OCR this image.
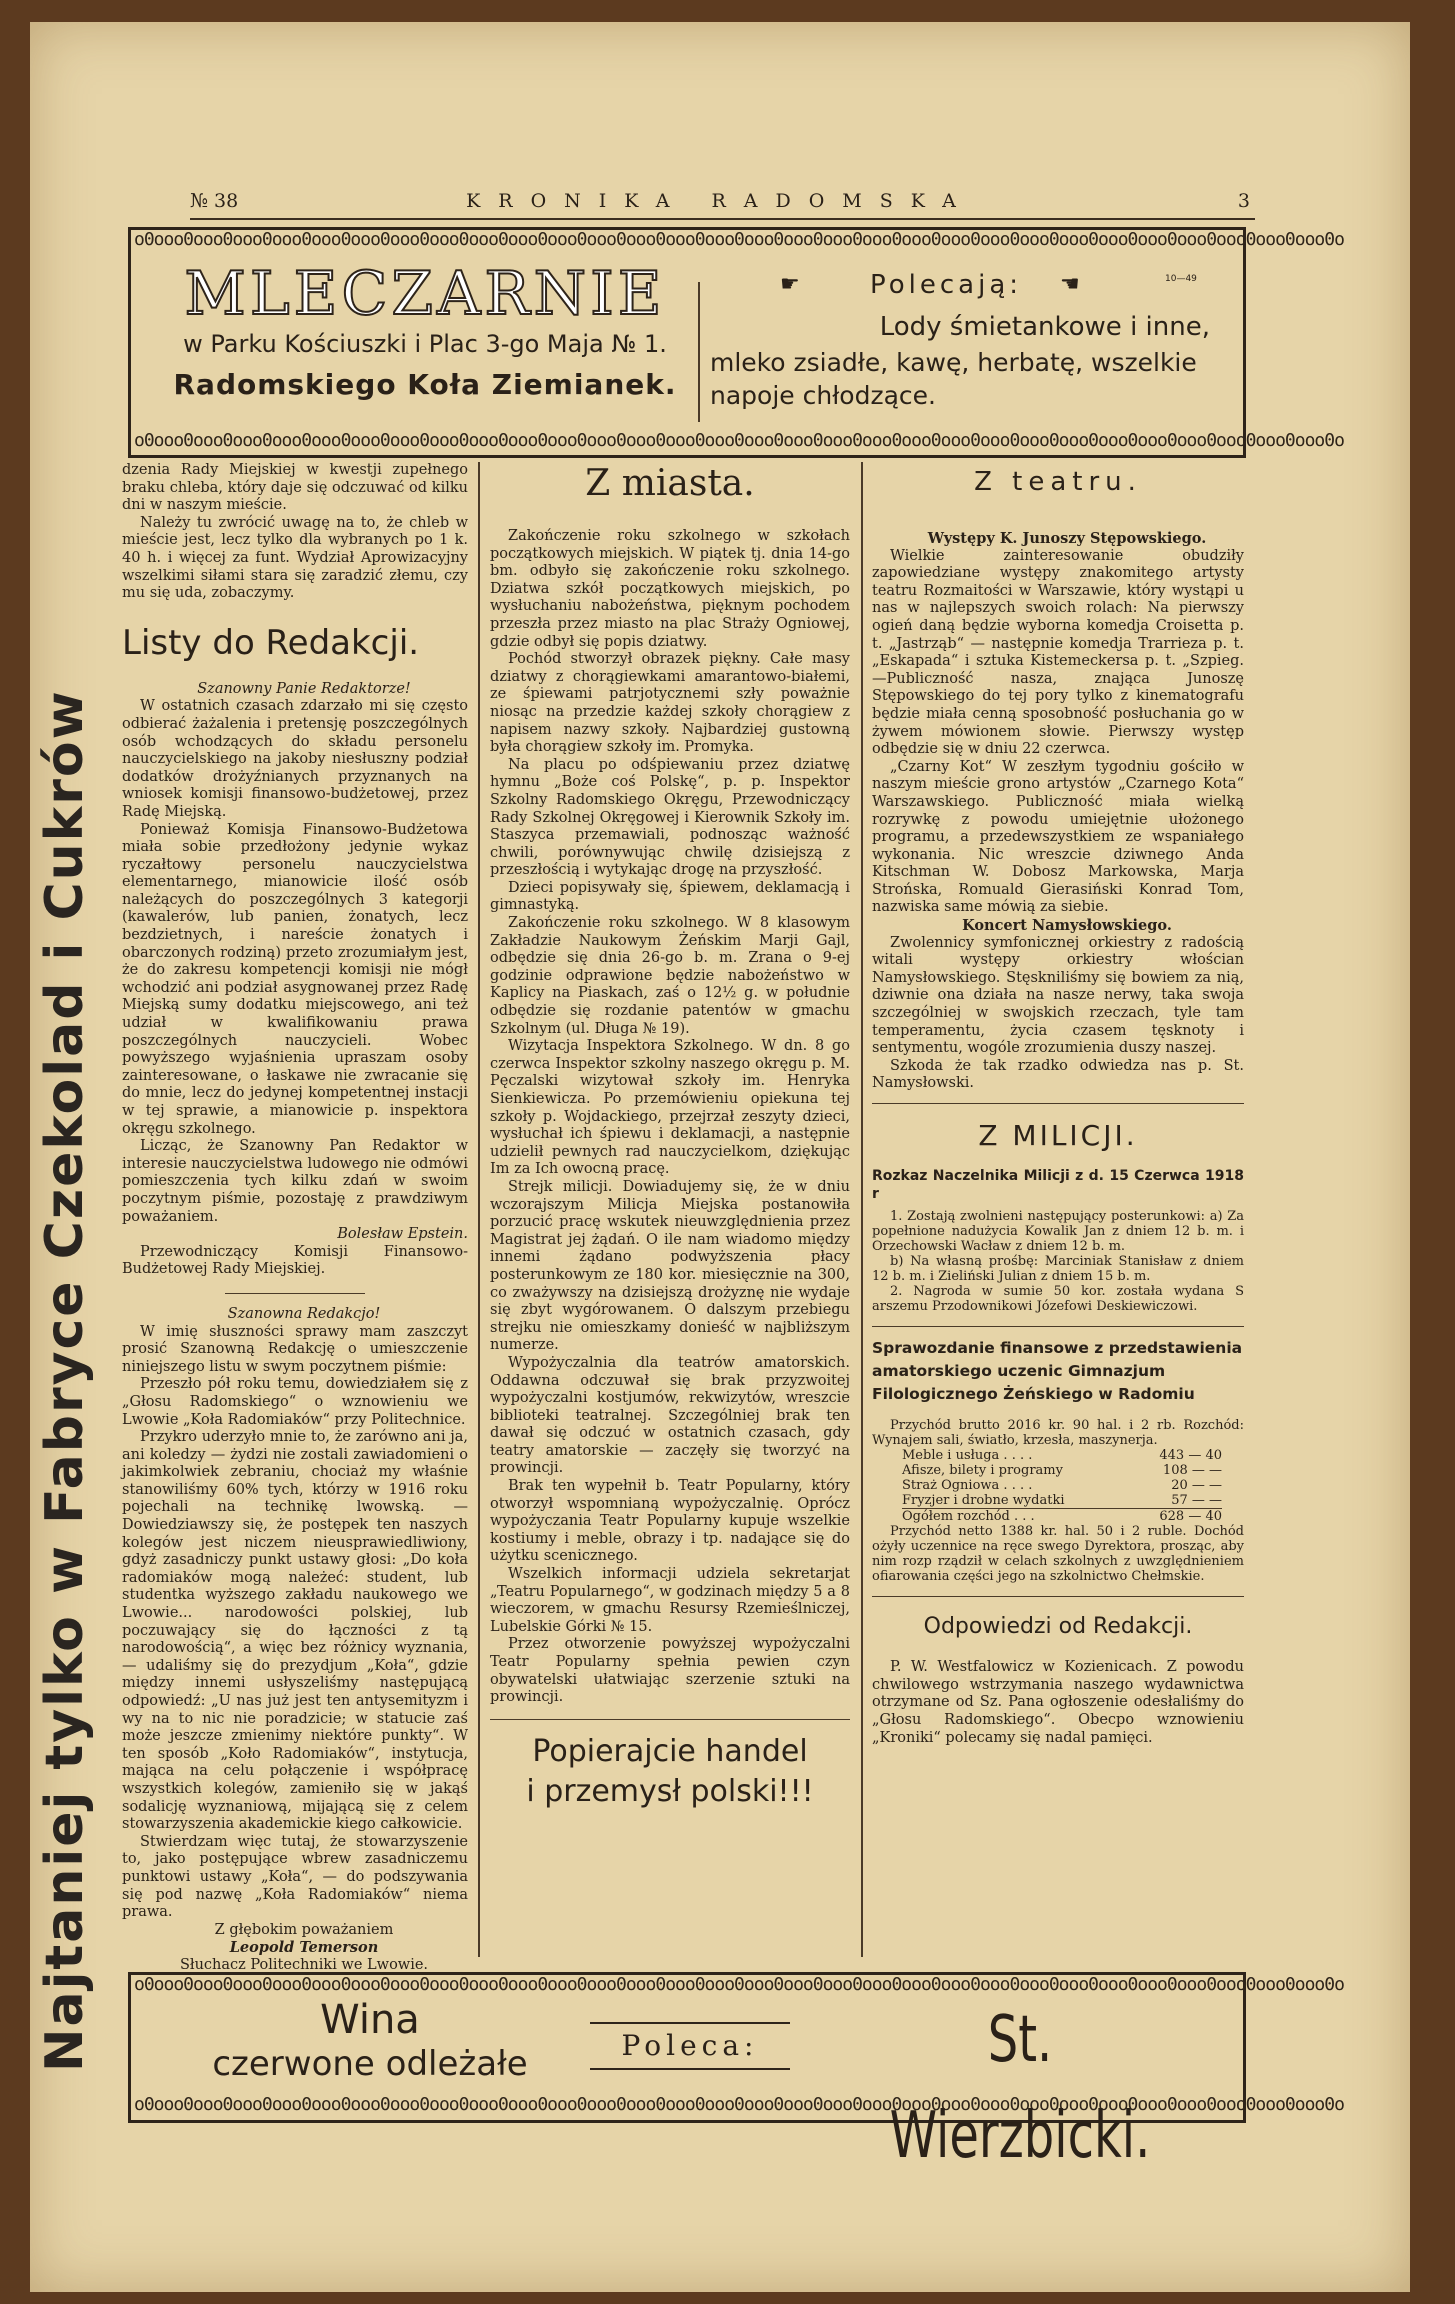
Najtaniej tylko w Fabryce Czekolad i Cukrów
№ 38	KRONIKA RADOMSKA	3
o0ooo0ooo0ooo0ooo0ooo0ooo0ooo0ooo0ooo0ooo0ooo0ooo0ooo0ooo0ooo0ooo0ooo0ooo0ooo0ooo0ooo0ooo0ooo0ooo0ooo0ooo0ooo0ooo0ooo0ooo0o
o0ooo0ooo0ooo0ooo0ooo0ooo0ooo0ooo0ooo0ooo0ooo0ooo0ooo0ooo0ooo0ooo0ooo0ooo0ooo0ooo0ooo0ooo0ooo0ooo0ooo0ooo0ooo0ooo0ooo0ooo0o
MLECZARNIE
w Parku Kościuszki i Plac 3-go Maja № 1.
Radomskiego Koła Ziemianek.
☛	Polecają: ☚	10—49
Lody śmietankowe i inne,
mleko zsiadłe, kawę, herbatę, wszelkie
napoje chłodzące.

dzenia Rady Miejskiej w kwestji zupełnego braku chleba, który daje się odczuwać od kilku dni w naszym mieście.

Należy tu zwrócić uwagę na to, że chleb w mieście jest, lecz tylko dla wybranych po 1 k. 40 h. i więcej za funt. Wydział Aprowizacyjny wszelkimi siłami stara się zaradzić złemu, czy mu się uda, zobaczymy.

Listy do Redakcji.

Szanowny Panie Redaktorze!

W ostatnich czasach zdarzało mi się często odbierać żażalenia i pretensję poszczególnych osób wchodzących do składu personelu nauczycielskiego na jakoby niesłuszny podział dodatków drożyźnianych przyznanych na wniosek komisji finansowo-budżetowej, przez Radę Miejską.

Ponieważ Komisja Finansowo-Budżetowa miała sobie przedłożony jedynie wykaz ryczałtowy personelu nauczycielstwa elementarnego, mianowicie ilość osób należących do poszczególnych 3 kategorji (kawalerów, lub panien, żonatych, lecz bezdzietnych, i nareście żonatych i obarczonych rodziną) przeto zrozumiałym jest, że do zakresu kompetencji komisji nie mógł wchodzić ani podział asygnowanej przez Radę Miejską sumy dodatku miejscowego, ani też udział w kwalifikowaniu prawa poszczególnych nauczycieli. Wobec powyższego wyjaśnienia upraszam osoby zainteresowane, o łaskawe nie zwracanie się do mnie, lecz do jedynej kompetentnej instacji w tej sprawie, a mianowicie p. inspektora okręgu szkolnego.

Licząc, że Szanowny Pan Redaktor w interesie nauczycielstwa ludowego nie odmówi pomieszczenia tych kilku zdań w swoim poczytnym piśmie, pozostaję z prawdziwym poważaniem.

Bolesław Epstein.

Przewodniczący Komisji Finansowo-Budżetowej Rady Miejskiej.

Szanowna Redakcjo!

W imię słuszności sprawy mam zaszczyt prosić Szanowną Redakcję o umieszczenie niniejszego listu w swym poczytnem piśmie:

Przeszło pół roku temu, dowiedziałem się z „Głosu Radomskiego“ o wznowieniu we Lwowie „Koła Radomiaków“ przy Politechnice.

Przykro uderzyło mnie to, że zarówno ani ja, ani koledzy — żydzi nie zostali zawiadomieni o jakimkolwiek zebraniu, chociaż my właśnie stanowiliśmy 60% tych, którzy w 1916 roku pojechali na technikę lwowską. — Dowiedziawszy się, że postępek ten naszych kolegów jest niczem nieusprawiedliwiony, gdyż zasadniczy punkt ustawy głosi: „Do koła radomiaków mogą należeć: student, lub studentka wyższego zakładu naukowego we Lwowie... narodowości polskiej, lub poczuwający się do łączności z tą narodowością“, a więc bez różnicy wyznania,— udaliśmy się do prezydjum „Koła“, gdzie między innemi usłyszeliśmy następującą odpowiedź: „U nas już jest ten antysemityzm i wy na to nic nie poradzicie; w statucie zaś może jeszcze zmienimy niektóre punkty“. W ten sposób „Koło Radomiaków“, instytucja, mająca na celu połączenie i współpracę wszystkich kolegów, zamieniło się w jakąś sodalicję wyznaniową, mijającą się z celem stowarzyszenia akademickie kiego całkowicie.

Stwierdzam więc tutaj, że stowarzyszenie to, jako postępujące wbrew zasadniczemu punktowi ustawy „Koła“, — do podszywania się pod nazwę „Koła Radomiaków“ niema prawa.

Z głębokim poważaniem

Leopold Temerson

Słuchacz Politechniki we Lwowie.

Z miasta.

Zakończenie roku szkolnego w szkołach początkowych miejskich. W piątek tj. dnia 14-go bm. odbyło się zakończenie roku szkolnego. Dziatwa szkół początkowych miejskich, po wysłuchaniu nabożeństwa, pięknym pochodem przeszła przez miasto na plac Straży Ogniowej, gdzie odbył się popis dziatwy.

Pochód stworzył obrazek piękny. Całe masy dziatwy z chorągiewkami amarantowo-białemi, ze śpiewami patrjotycznemi szły poważnie niosąc na przedzie każdej szkoły chorągiew z napisem nazwy szkoły. Najbardziej gustowną była chorągiew szkoły im. Promyka.

Na placu po odśpiewaniu przez dziatwę hymnu „Boże coś Polskę“, p. p. Inspektor Szkolny Radomskiego Okręgu, Przewodniczący Rady Szkolnej Okręgowej i Kierownik Szkoły im. Staszyca przemawiali, podnosząc ważność chwili, porównywując chwilę dzisiejszą z przeszłością i wytykając drogę na przyszłość.

Dzieci popisywały się, śpiewem, deklamacją i gimnastyką.

Zakończenie roku szkolnego. W 8 klasowym Zakładzie Naukowym Żeńskim Marji Gajl, odbędzie się dnia 26-go b. m. Zrana o 9-ej godzinie odprawione będzie nabożeństwo w Kaplicy na Piaskach, zaś o 12½ g. w południe odbędzie się rozdanie patentów w gmachu Szkolnym (ul. Długa № 19).

Wizytacja Inspektora Szkolnego. W dn. 8 go czerwca Inspektor szkolny naszego okręgu p. M. Pęczalski wizytował szkoły im. Henryka Sienkiewicza. Po przemówieniu opiekuna tej szkoły p. Wojdackiego, przejrzał zeszyty dzieci, wysłuchał ich śpiewu i deklamacji, a następnie udzielił pewnych rad nauczycielkom, dziękując Im za Ich owocną pracę.

Strejk milicji. Dowiadujemy się, że w dniu wczorajszym Milicja Miejska postanowiła porzucić pracę wskutek nieuwzględnienia przez Magistrat jej żądań. O ile nam wiadomo między innemi żądano podwyższenia płacy posterunkowym ze 180 kor. miesięcznie na 300, co zważywszy na dzisiejszą drożyznę nie wydaje się zbyt wygórowanem. O dalszym przebiegu strejku nie omieszkamy donieść w najbliższym numerze.

Wypożyczalnia dla teatrów amatorskich. Oddawna odczuwał się brak przyzwoitej wypożyczalni kostjumów, rekwizytów, wreszcie biblioteki teatralnej. Szczególniej brak ten dawał się odczuć w ostatnich czasach, gdy teatry amatorskie — zaczęły się tworzyć na prowincji.

Brak ten wypełnił b. Teatr Popularny, który otworzył wspomnianą wypożyczalnię. Oprócz wypożyczania Teatr Popularny kupuje wszelkie kostiumy i meble, obrazy i tp. nadające się do użytku scenicznego.

Wszelkich informacji udziela sekretarjat „Teatru Popularnego“, w godzinach między 5 a 8 wieczorem, w gmachu Resursy Rzemieślniczej, Lubelskie Górki № 15.

Przez otworzenie powyższej wypożyczalni Teatr Popularny spełnia pewien czyn obywatelski ułatwiając szerzenie sztuki na prowincji.

Popierajcie handel
i przemysł polski!!!
Z teatru.

Występy K. Junoszy Stępowskiego.

Wielkie zainteresowanie obudziły zapowiedziane występy znakomitego artysty teatru Rozmaitości w Warszawie, który wystąpi u nas w najlepszych swoich rolach: Na pierwszy ogień daną będzie wyborna komedja Croisetta p. t. „Jastrząb“ — następnie komedja Trarrieza p. t. „Eskapada“ i sztuka Kistemeckersa p. t. „Szpieg.—Publiczność nasza, znająca Junoszę Stępowskiego do tej pory tylko z kinematografu będzie miała cenną sposobność posłuchania go w żywem mówionem słowie. Pierwszy występ odbędzie się w dniu 22 czerwca.

„Czarny Kot“ W zeszłym tygodniu gościło w naszym mieście grono artystów „Czarnego Kota“ Warszawskiego. Publiczność miała wielką rozrywkę z powodu umiejętnie ułożonego programu, a przedewszystkiem ze wspaniałego wykonania. Nic wreszcie dziwnego Anda Kitschman W. Dobosz Markowska, Marja Strońska, Romuald Gierasiński Konrad Tom, nazwiska same mówią za siebie.

Koncert Namysłowskiego.

Zwolennicy symfonicznej orkiestry z radością witali występy orkiestry włościan Namysłowskiego. Stęskniliśmy się bowiem za nią, dziwnie ona działa na nasze nerwy, taka swoja szczególniej w swojskich rzeczach, tyle tam temperamentu, życia czasem tęsknoty i sentymentu, wogóle zrozumienia duszy naszej.

Szkoda że tak rzadko odwiedza nas p. St. Namysłowski.

Z MILICJI.

Rozkaz Naczelnika Milicji z d. 15 Czerwca 1918 r

1. Zostają zwolnieni następujący posterunkowi: a) Za popełnione nadużycia Kowalik Jan z dniem 12 b. m. i Orzechowski Wacław z dniem 12 b. m.

b) Na własną prośbę: Marciniak Stanisław z dniem 12 b. m. i Zieliński Julian z dniem 15 b. m.

2. Nagroda w sumie 50 kor. została wydana S arszemu Przodownikowi Józefowi Deskiewiczowi.

Sprawozdanie finansowe z przedstawienia amatorskiego uczenic Gimnazjum Filologicznego Żeńskiego w Radomiu

Przychód brutto 2016 kr. 90 hal. i 2 rb. Rozchód: Wynajem sali, światło, krzesła, maszynerja.

Meble i usługa . . . .	443 — 40
Afisze, bilety i programy	108 — —
Straż Ogniowa . . . .	20 — —
Fryzjer i drobne wydatki	57 — —
Ogółem rozchód . . .	628 — 40

Przychód netto 1388 kr. hal. 50 i 2 ruble. Dochód ożyły uczennice na ręce swego Dyrektora, prosząc, aby nim rozp rządził w celach szkolnych z uwzględnieniem ofiarowania części jego na szkolnictwo Chełmskie.

Odpowiedzi od Redakcji.

P. W. Westfalowicz w Kozienicach. Z powodu chwilowego wstrzymania naszego wydawnictwa otrzymane od Sz. Pana ogłoszenie odesłaliśmy do „Głosu Radomskiego“. Obecpo wznowieniu „Kroniki“ polecamy się nadal pamięci.

o0ooo0ooo0ooo0ooo0ooo0ooo0ooo0ooo0ooo0ooo0ooo0ooo0ooo0ooo0ooo0ooo0ooo0ooo0ooo0ooo0ooo0ooo0ooo0ooo0ooo0ooo0ooo0ooo0ooo0ooo0o
o0ooo0ooo0ooo0ooo0ooo0ooo0ooo0ooo0ooo0ooo0ooo0ooo0ooo0ooo0ooo0ooo0ooo0ooo0ooo0ooo0ooo0ooo0ooo0ooo0ooo0ooo0ooo0ooo0ooo0ooo0o
Wina
czerwone odleżałe	Poleca:	St. Wierzbicki.
